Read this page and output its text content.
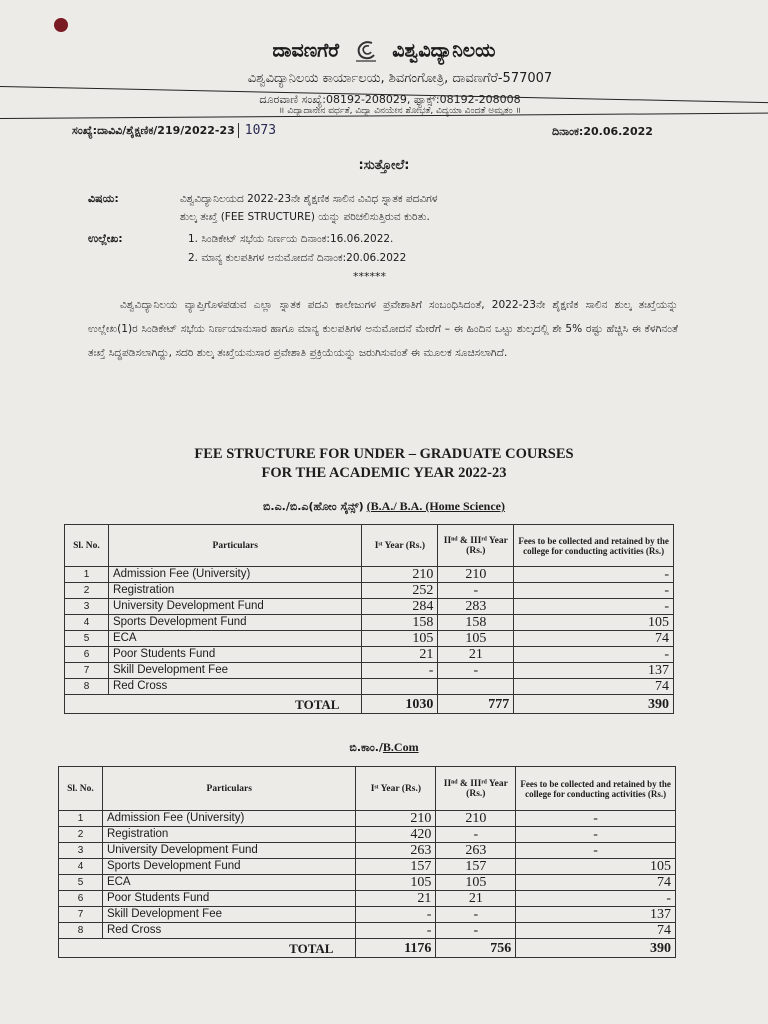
ದಾವಣಗೆರೆ	ವಿಶ್ವವಿದ್ಯಾನಿಲಯ
ವಿಶ್ವವಿದ್ಯಾನಿಲಯ ಕಾರ್ಯಾಲಯ, ಶಿವಗಂಗೋತ್ರಿ, ದಾವಣಗೆರೆ-577007
ದೂರವಾಣಿ ಸಂಖ್ಯೆ:08192-208029, ಫ್ಯಾಕ್ಸ್:08192-208008
॥ ವಿದ್ಯಾದಾನೇನ ವರ್ಧತೆ, ವಿದ್ಯಾ ವಿನಯೇನ ಶೋಭತೆ, ವಿದ್ಯಯಾ ವಿಂದತೆ ಅಮೃತಂ ॥
ಸಂಖ್ಯೆ:ದಾವಿವಿ/ಶೈಕ್ಷಣಿಕ/219/2022-23 1073	ದಿನಾಂಕ:20.06.2022
:ಸುತ್ತೋಲೆ:
ವಿಷಯ:	ವಿಶ್ವವಿದ್ಯಾನಿಲಯದ 2022-23ನೇ ಶೈಕ್ಷಣಿಕ ಸಾಲಿನ ವಿವಿಧ ಸ್ನಾತಕ ಪದವಿಗಳ
ಶುಲ್ಕ ತಃಖ್ತೆ (FEE STRUCTURE) ಯನ್ನು ಪರಿಚಲಿಸುತ್ತಿರುವ ಕುರಿತು.
ಉಲ್ಲೇಖ:	1. ಸಿಂಡಿಕೇಟ್ ಸಭೆಯ ನಿರ್ಣಯ ದಿನಾಂಕ:16.06.2022.
2. ಮಾನ್ಯ ಕುಲಪತಿಗಳ ಅನುಮೋದನೆ ದಿನಾಂಕ:20.06.2022
******
ವಿಶ್ವವಿದ್ಯಾನಿಲಯ ವ್ಯಾಪ್ತಿಗೊಳಪಡುವ ಎಲ್ಲಾ ಸ್ನಾತಕ ಪದವಿ ಕಾಲೇಜುಗಳ ಪ್ರವೇಶಾತಿಗೆ ಸಂಬಂಧಿಸಿದಂತೆ, 2022-23ನೇ ಶೈಕ್ಷಣಿಕ ಸಾಲಿನ ಶುಲ್ಕ ತಃಖ್ತೆಯನ್ನು ಉಲ್ಲೇಖ(1)ರ ಸಿಂಡಿಕೇಟ್ ಸಭೆಯ ನಿರ್ಣಯಾನುಸಾರ ಹಾಗೂ ಮಾನ್ಯ ಕುಲಪತಿಗಳ ಅನುಮೋದನೆ ಮೇರೆಗೆ – ಈ ಹಿಂದಿನ ಒಟ್ಟು ಶುಲ್ಕದಲ್ಲಿ ಶೇ 5% ರಷ್ಟು ಹೆಚ್ಚಿಸಿ ಈ ಕೆಳಗಿನಂತೆ ತಃಖ್ತೆ ಸಿದ್ಧಪಡಿಸಲಾಗಿದ್ದು, ಸದರಿ ಶುಲ್ಕ ತಃಖ್ತೆಯನುಸಾರ ಪ್ರವೇಶಾತಿ ಪ್ರಕ್ರಿಯೆಯನ್ನು ಜರುಗಿಸುವಂತೆ ಈ ಮೂಲಕ ಸೂಚಿಸಲಾಗಿದೆ.
FEE STRUCTURE FOR UNDER – GRADUATE COURSES
FOR THE ACADEMIC YEAR 2022-23
ಬಿ.ಎ./ಬಿ.ಎ(ಹೋಂ ಸೈನ್ಸ್) (B.A./ B.A. (Home Science)
Sl. No.	Particulars	Iˢᵗ Year (Rs.)	IIⁿᵈ & IIIʳᵈ Year (Rs.)	Fees to be collected and retained by the college for conducting activities (Rs.)
1	Admission Fee (University)	210	210	-
2	Registration	252	-	-
3	University Development Fund	284	283	-
4	Sports Development Fund	158	158	105
5	ECA	105	105	74
6	Poor Students Fund	21	21	-
7	Skill Development Fee	-	-	137
8	Red Cross			74
TOTAL		1030	777	390
ಬಿ.ಕಾಂ./B.Com
Sl. No.	Particulars	Iˢᵗ Year (Rs.)	IIⁿᵈ & IIIʳᵈ Year (Rs.)	Fees to be collected and retained by the college for conducting activities (Rs.)
1	Admission Fee (University)	210	210	-
2	Registration	420	-	-
3	University Development Fund	263	263	-
4	Sports Development Fund	157	157	105
5	ECA	105	105	74
6	Poor Students Fund	21	21	-
7	Skill Development Fee	-	-	137
8	Red Cross	-	-	74
TOTAL		1176	756	390
